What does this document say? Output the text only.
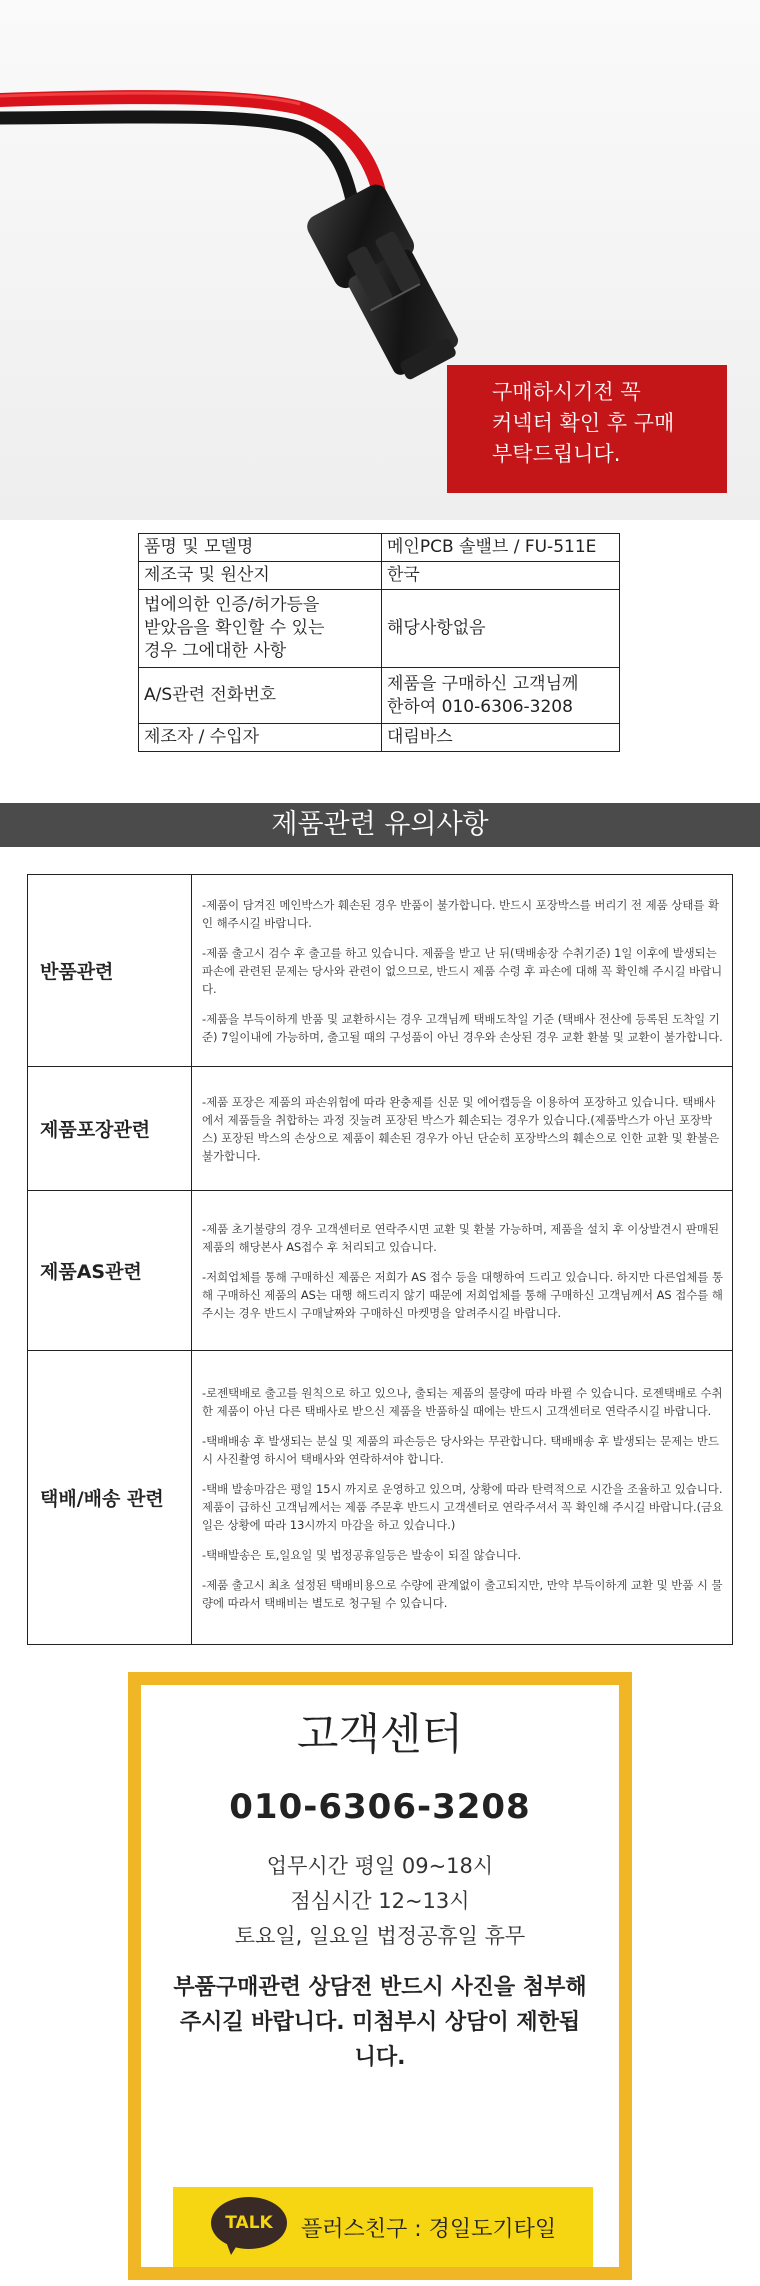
구매하시기전 꼭
커넥터 확인 후 구매
부탁드립니다.
품명 및 모델명	메인PCB 솔밸브 / FU-511E
제조국 및 원산지	한국

법에의한 인증/허가등을
받았음을 확인할 수 있는
경우 그에대한 사항	해당사항없음
A/S관련 전화번호	제품을 구매하신 고객님께
한하여 010-6306-3208

제조자 / 수입자	대림바스
제품관련 유의사항
반품관련	-제품이 담겨진 메인박스가 훼손된 경우 반품이 불가합니다. 반드시 포장박스를 버리기 전 제품 상태를 확인 해주시길 바랍니다.

-제품 출고시 검수 후 출고를 하고 있습니다. 제품을 받고 난 뒤(택배송장 수취기준) 1일 이후에 발생되는 파손에 관련된 문제는 당사와 관련이 없으므로, 반드시 제품 수령 후 파손에 대해 꼭 확인해 주시길 바랍니다.

-제품을 부득이하게 반품 및 교환하시는 경우 고객님께 택배도착일 기준 (택배사 전산에 등록된 도착일 기준) 7일이내에 가능하며, 출고될 때의 구성품이 아닌 경우와 손상된 경우 교환 환불 및 교환이 불가합니다.

제품포장관련	-제품 포장은 제품의 파손위험에 따라 완충제를 신문 및 에어캡등을 이용하여 포장하고 있습니다. 택배사에서 제품들을 취합하는 과정 짓눌려 포장된 박스가 훼손되는 경우가 있습니다.(제품박스가 아닌 포장박스) 포장된 박스의 손상으로 제품이 훼손된 경우가 아닌 단순히 포장박스의 훼손으로 인한 교환 및 환불은 불가합니다.

제품AS관련	-제품 초기불량의 경우 고객센터로 연락주시면 교환 및 환불 가능하며, 제품을 설치 후 이상발견시 판매된 제품의 해당본사 AS접수 후 처리되고 있습니다.

-저희업체를 통해 구매하신 제품은 저희가 AS 접수 등을 대행하여 드리고 있습니다. 하지만 다른업체를 통해 구매하신 제품의 AS는 대행 해드리지 않기 때문에 저희업체를 통해 구매하신 고객님께서 AS 접수를 해주시는 경우 반드시 구매날짜와 구매하신 마켓명을 알려주시길 바랍니다.

택배/배송 관련	-로젠택배로 출고를 원칙으로 하고 있으나, 출되는 제품의 물량에 따라 바뀔 수 있습니다. 로젠택배로 수취한 제품이 아닌 다른 택배사로 받으신 제품을 반품하실 때에는 반드시 고객센터로 연락주시길 바랍니다.

-택배배송 후 발생되는 분실 및 제품의 파손등은 당사와는 무관합니다. 택배배송 후 발생되는 문제는 반드시 사진촬영 하시어 택배사와 연락하셔야 합니다.

-택배 발송마감은 평일 15시 까지로 운영하고 있으며, 상황에 따라 탄력적으로 시간을 조율하고 있습니다. 제품이 급하신 고객님께서는 제품 주문후 반드시 고객센터로 연락주셔서 꼭 확인해 주시길 바랍니다.(금요일은 상황에 따라 13시까지 마감을 하고 있습니다.)

-택배발송은 토,일요일 및 법정공휴일등은 발송이 되질 않습니다.

-제품 출고시 최초 설정된 택배비용으로 수량에 관계없이 출고되지만, 만약 부득이하게 교환 및 반품 시 물량에 따라서 택배비는 별도로 청구될 수 있습니다.

고객센터
010-6306-3208
업무시간 평일 09~18시
점심시간 12~13시
토요일, 일요일 법정공휴일 휴무
부품구매관련 상담전 반드시 사진을 첨부해
주시길 바랍니다. 미첨부시 상담이 제한됩
니다.
TALK	플러스친구 : 경일도기타일
